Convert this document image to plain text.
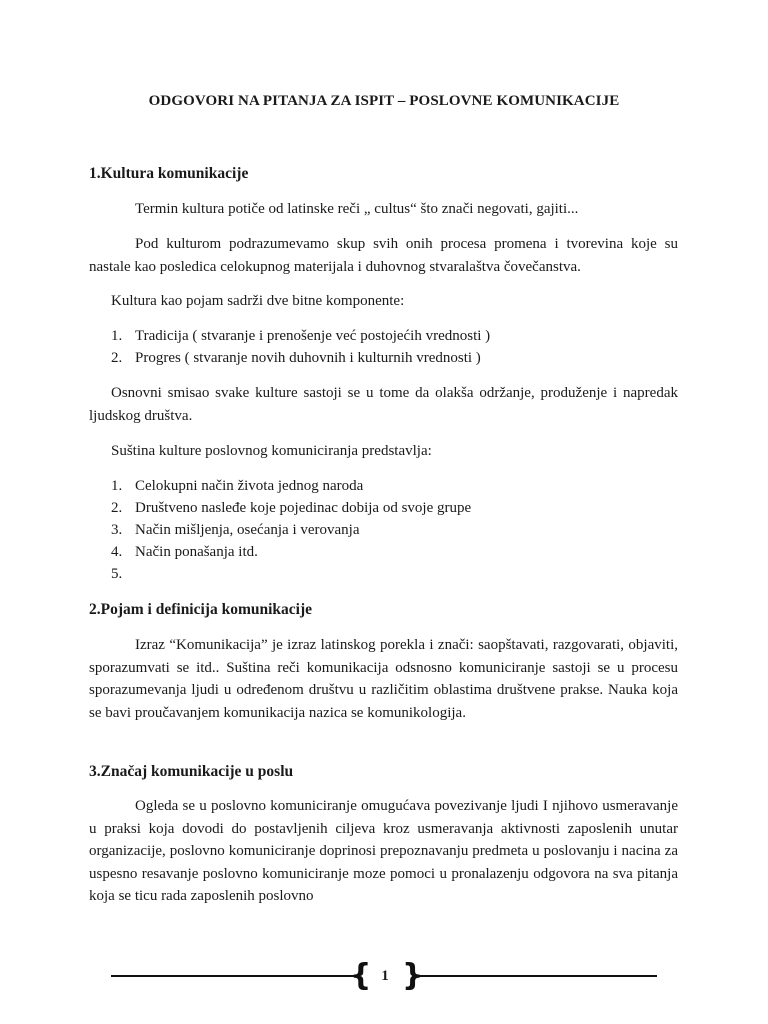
ODGOVORI NA PITANJA ZA ISPIT – POSLOVNE KOMUNIKACIJE
1.Kultura komunikacije

Termin kultura potiče od latinske reči „ cultus“ što znači negovati, gajiti...

Pod kulturom podrazumevamo skup svih onih procesa promena i tvorevina koje su nastale kao posledica celokupnog materijala i duhovnog stvaralaštva čovečanstva.

Kultura kao pojam sadrži dve bitne komponente:

1. Tradicija ( stvaranje i prenošenje već postojećih vrednosti )
2. Progres ( stvaranje novih duhovnih i kulturnih vrednosti )

Osnovni smisao svake kulture sastoji se u tome da olakša održanje, produženje i napredak ljudskog društva.

Suština kulture poslovnog komuniciranja predstavlja:

1. Celokupni način života jednog naroda
2. Društveno nasleđe koje pojedinac dobija od svoje grupe
3. Način mišljenja, osećanja i verovanja
4. Način ponašanja itd.
5.
2.Pojam i definicija komunikacije

Izraz “Komunikacija” je izraz latinskog porekla i znači: saopštavati, razgovarati, objaviti, sporazumvati se itd.. Suština reči komunikacija odsnosno komuniciranje sastoji se u procesu sporazumevanja ljudi u određenom društvu u različitim oblastima društvene prakse. Nauka koja se bavi proučavanjem komunikacija nazica se komunikologija.

3.Značaj komunikacije u poslu

Ogleda se u poslovno komuniciranje omugućava povezivanje ljudi I njihovo usmeravanje u praksi koja dovodi do postavljenih ciljeva kroz usmeravanja aktivnosti zaposlenih unutar organizacije, poslovno komuniciranje doprinosi prepoznavanju predmeta u poslovanju i nacina za uspesno resavanje poslovno komuniciranje moze pomoci u pronalazenju odgovora na sva pitanja koja se ticu rada zaposlenih poslovno

{ 1 }
